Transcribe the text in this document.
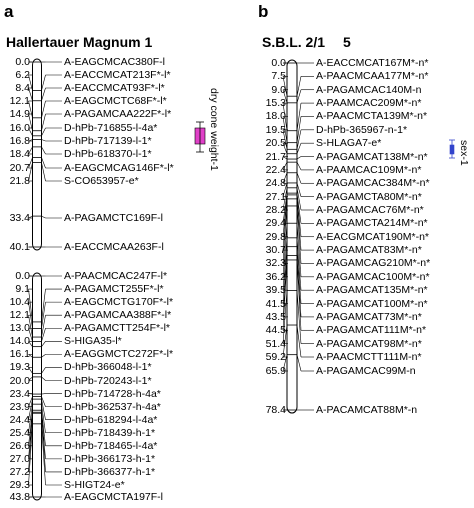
a
Hallertauer Magnum 1
b
S.B.L. 2/1 5
0.0	A-EAGCMCAC380F-l
6.2	A-EACCMCAT213F*-l*
8.4	A-EACCMCAT93F*-l*
12.1	A-EAGCMCTC68F*-l*
14.9	A-PAGAMCAA222F*-l*
16.0	D-hPb-716855-l-4a*
16.8	D-hPb-717139-l-1*
18.4	D-hPb-618370-l-1*
20.7	A-EAGCMCAG146F*-l*
21.8	S-CO653957-e*
33.4	A-PAGAMCTC169F-l
40.1	A-EACCMCAA263F-l
0.0	A-PAACMCAC247F-l*
9.1	A-PAGAMCT255F*-l*
10.4	A-EAGCMCTG170F*-l*
12.1	A-PAGAMCAA388F*-l*
13.0	A-PAGAMCTT254F*-l*
14.0	S-HIGA35-l*
16.1	A-EAGGMCTC272F*-l*
19.3	D-hPb-366048-l-1*
20.0	D-hPb-720243-l-1*
23.4	D-hPb-714728-h-4a*
23.9	D-hPb-362537-h-4a*
24.4	D-hPb-618294-l-4a*
25.4	D-hPb-718439-h-1*
26.6	D-hPb-718465-l-4a*
27.0	D-hPb-366173-h-1*
27.2	D-hPb-366377-h-1*
29.3	S-HIGT24-e*
43.8	A-EAGCMCTA197F-l
0.0	A-EACCMCAT167M*-n*
7.5	A-PAACMCAA177M*-n*
9.0	A-PAGAMCAC140M-n
15.3	A-PAAMCAC209M*-n*
18.0	A-PAACMCTA139M*-n*
19.5	D-hPb-365967-n-1*
20.5	S-HLAGA7-e*
21.7	A-PAGAMCAT138M*-n*
22.4	A-PAAMCAC109M*-n*
24.8	A-PAGAMCAC384M*-n*
27.1	A-PAGAMCTA80M*-n*
28.2	A-PAGAMCAC76M*-n*
29.4	A-PAGAMCTA214M*-n*
29.8	A-EACGMCAT190M*-n*
30.7	A-PAGAMCAT83M*-n*
32.3	A-PAGAMCAG210M*-n*
36.2	A-PAGAMCAC100M*-n*
39.5	A-PAGAMCAT135M*-n*
41.5	A-PAGAMCAT100M*-n*
43.5	A-PAGAMCAT73M*-n*
44.5	A-PAGAMCAT111M*-n*
51.4	A-PAGAMCAT98M*-n*
59.2	A-PAACMCTT111M-n*
65.9	A-PAGAMCAC99M-n
78.4	A-PACAMCAT88M*-n
dry cone weight-1	sex-1
